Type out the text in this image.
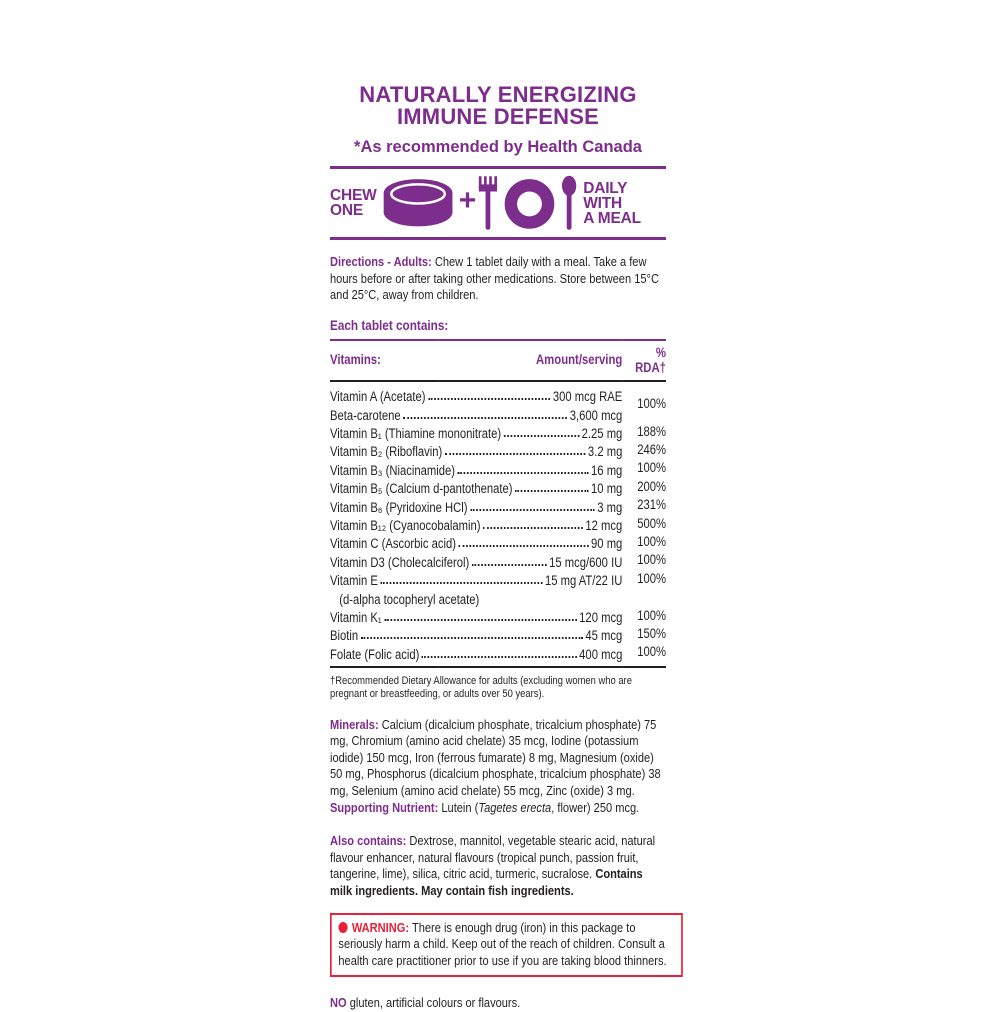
NATURALLY ENERGIZING
IMMUNE DEFENSE
*As recommended by Health Canada
CHEW
ONE	+	DAILY WITH
A MEAL

Directions - Adults: Chew 1 tablet daily with a meal. Take a few hours before or after taking other medications. Store between 15°C and 25°C, away from children.

Each tablet contains:
Vitamins:	Amount/serving	% RDA†

Vitamin A (Acetate) 300 mcg RAE		100%

Beta-carotene 3,600 mcg		

Vitamin B₁ (Thiamine mononitrate) 2.25 mg		188%

Vitamin B₂ (Riboflavin) 3.2 mg		246%

Vitamin B₃ (Niacinamide) 16 mg		100%

Vitamin B₅ (Calcium d-pantothenate) 10 mg		200%

Vitamin B₆ (Pyridoxine HCl) 3 mg		231%

Vitamin B₁₂ (Cyanocobalamin) 12 mcg		500%

Vitamin C (Ascorbic acid) 90 mg		100%

Vitamin D3 (Cholecalciferol) 15 mcg/600 IU		100%

Vitamin E 15 mg AT/22 IU		100%

(d-alpha tocopheryl acetate)		

Vitamin K₁ 120 mcg		100%

Biotin 45 mcg		150%

Folate (Folic acid) 400 mcg		100%

†Recommended Dietary Allowance for adults (excluding women who are pregnant or breastfeeding, or adults over 50 years).

Minerals: Calcium (dicalcium phosphate, tricalcium phosphate) 75 mg, Chromium (amino acid chelate) 35 mcg, Iodine (potassium iodide) 150 mcg, Iron (ferrous fumarate) 8 mg, Magnesium (oxide) 50 mg, Phosphorus (dicalcium phosphate, tricalcium phosphate) 38 mg, Selenium (amino acid chelate) 55 mcg, Zinc (oxide) 3 mg.

Supporting Nutrient: Lutein (Tagetes erecta, flower) 250 mcg.

Also contains: Dextrose, mannitol, vegetable stearic acid, natural flavour enhancer, natural flavours (tropical punch, passion fruit, tangerine, lime), silica, citric acid, turmeric, sucralose. Contains milk ingredients. May contain fish ingredients.

WARNING: There is enough drug (iron) in this package to seriously harm a child. Keep out of the reach of children. Consult a health care practitioner prior to use if you are taking blood thinners.

NO gluten, artificial colours or flavours.
